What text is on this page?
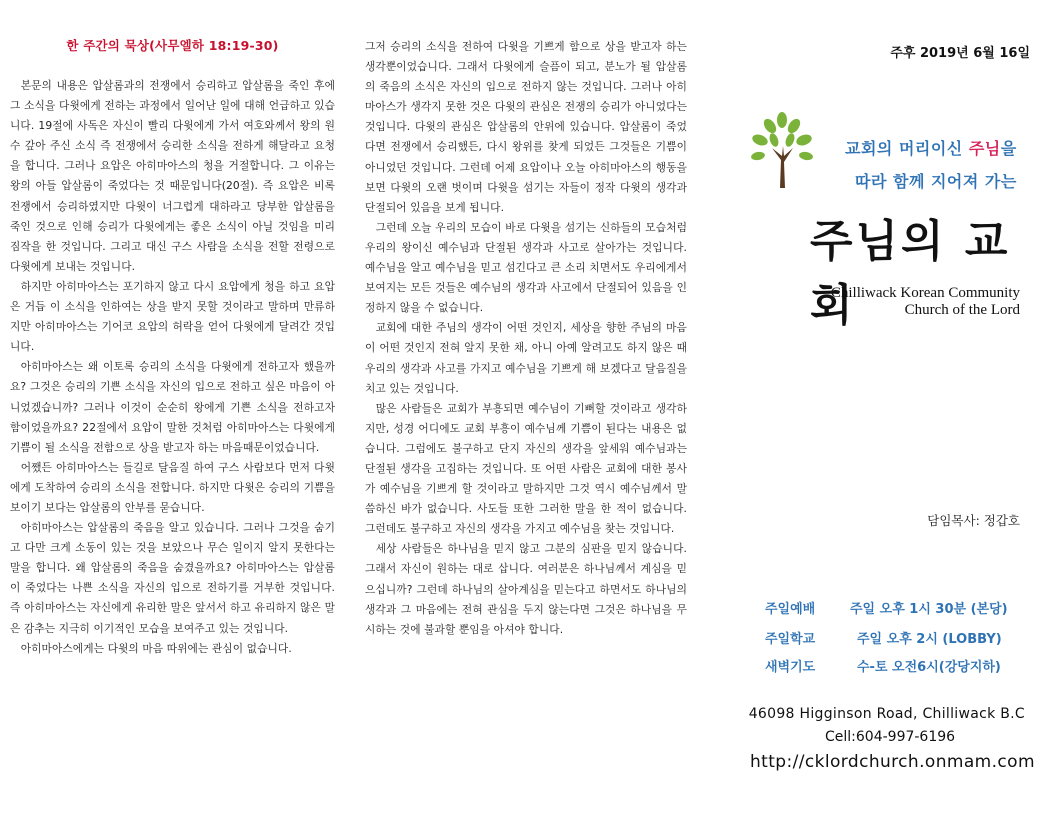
한 주간의 묵상(사무엘하 18:19-30)

본문의 내용은 압살롬과의 전쟁에서 승리하고 압살롬을 죽인 후에 그 소식을 다윗에게 전하는 과정에서 일어난 일에 대해 언급하고 있습니다. 19절에 사독은 자신이 빨리 다윗에게 가서 여호와께서 왕의 원수 갚아 주신 소식 즉 전쟁에서 승리한 소식을 전하게 해달라고 요청을 합니다. 그러나 요압은 아히마아스의 청을 거절합니다. 그 이유는 왕의 아들 압살롬이 죽었다는 것 때문입니다(20절). 즉 요압은 비록 전쟁에서 승리하였지만 다윗이 너그럽게 대하라고 당부한 압살롬을 죽인 것으로 인해 승리가 다윗에게는 좋은 소식이 아닐 것임을 미리 짐작을 한 것입니다. 그리고 대신 구스 사람을 소식을 전할 전령으로 다윗에게 보내는 것입니다.

하지만 아히마아스는 포기하지 않고 다시 요압에게 청을 하고 요압은 거듭 이 소식을 인하여는 상을 받지 못할 것이라고 말하며 만류하지만 아히마아스는 기어코 요압의 허락을 얻어 다윗에게 달려간 것입니다.

아히마아스는 왜 이토록 승리의 소식을 다윗에게 전하고자 했을까요? 그것은 승리의 기쁜 소식을 자신의 입으로 전하고 싶은 마음이 아니었겠습니까? 그러나 이것이 순순히 왕에게 기쁜 소식을 전하고자 함이었을까요? 22절에서 요압이 말한 것처럼 아히마아스는 다윗에게 기쁨이 될 소식을 전함으로 상을 받고자 하는 마음때문이었습니다.

어쨌든 아히마아스는 들길로 달음질 하여 구스 사람보다 먼저 다윗에게 도착하여 승리의 소식을 전합니다. 하지만 다윗은 승리의 기쁨을 보이기 보다는 압살롬의 안부를 묻습니다.

아히마아스는 압살롬의 죽음을 알고 있습니다. 그러나 그것을 숨기고 다만 크게 소동이 있는 것을 보았으나 무슨 일이지 알지 못한다는 말을 합니다. 왜 압살롬의 죽음을 숨겼을까요? 아히마아스는 압살롬이 죽었다는 나쁜 소식을 자신의 입으로 전하기를 거부한 것입니다. 즉 아히마아스는 자신에게 유리한 말은 앞서서 하고 유리하지 않은 말은 감추는 지극히 이기적인 모습을 보여주고 있는 것입니다.

아히마아스에게는 다윗의 마음 따위에는 관심이 없습니다.

그저 승리의 소식을 전하여 다윗을 기쁘게 함으로 상을 받고자 하는 생각뿐이었습니다. 그래서 다윗에게 슬픔이 되고, 분노가 될 압살롬의 죽음의 소식은 자신의 입으로 전하지 않는 것입니다. 그러나 아히마아스가 생각지 못한 것은 다윗의 관심은 전쟁의 승리가 아니었다는 것입니다. 다윗의 관심은 압살롬의 안위에 있습니다. 압살롬이 죽었다면 전쟁에서 승리했든, 다시 왕위를 찾게 되었든 그것들은 기쁨이 아니었던 것입니다. 그런데 어제 요압이나 오늘 아히마아스의 행동을 보면 다윗의 오랜 벗이며 다윗을 섬기는 자들이 정작 다윗의 생각과 단절되어 있음을 보게 됩니다.

그런데 오늘 우리의 모습이 바로 다윗을 섬기는 신하들의 모습처럼 우리의 왕이신 예수님과 단절된 생각과 사고로 살아가는 것입니다. 예수님을 알고 예수님을 믿고 섬긴다고 큰 소리 치면서도 우리에게서 보여지는 모든 것들은 예수님의 생각과 사고에서 단절되어 있음을 인정하지 않을 수 없습니다.

교회에 대한 주님의 생각이 어떤 것인지, 세상을 향한 주님의 마음이 어떤 것인지 전혀 알지 못한 채, 아니 아예 알려고도 하지 않은 때 우리의 생각과 사고를 가지고 예수님을 기쁘게 해 보겠다고 달음질을 치고 있는 것입니다.

많은 사람들은 교회가 부흥되면 예수님이 기뻐할 것이라고 생각하지만, 성경 어디에도 교회 부흥이 예수님께 기쁨이 된다는 내용은 없습니다. 그럼에도 불구하고 단지 자신의 생각을 앞세워 예수님과는 단절된 생각을 고집하는 것입니다. 또 어떤 사람은 교회에 대한 봉사가 예수님을 기쁘게 할 것이라고 말하지만 그것 역시 예수님께서 말씀하신 바가 없습니다. 사도들 또한 그러한 말을 한 적이 없습니다. 그런데도 불구하고 자신의 생각을 가지고 예수님을 찾는 것입니다.

세상 사람들은 하나님을 믿지 않고 그분의 심판을 믿지 않습니다. 그래서 자신이 원하는 대로 삽니다. 여러분은 하나님께서 계심을 믿으십니까? 그런데 하나님의 살아계심을 믿는다고 하면서도 하나님의 생각과 그 마음에는 전혀 관심을 두지 않는다면 그것은 하나님을 무시하는 것에 불과할 뿐임을 아셔야 합니다.

주후 2019년 6월 16일
교회의 머리이신 주님을
따라 함께 지어져 가는
주님의 교회
Chilliwack Korean Community
Church of the Lord
담임목사: 정갑호
주일예배	주일 오후 1시 30분 (본당)
주일학교	주일 오후 2시 (LOBBY)
새벽기도	수-토 오전6시(강당지하)
46098 Higginson Road, Chilliwack B.C
Cell:604-997-6196
http://cklordchurch.onmam.com
